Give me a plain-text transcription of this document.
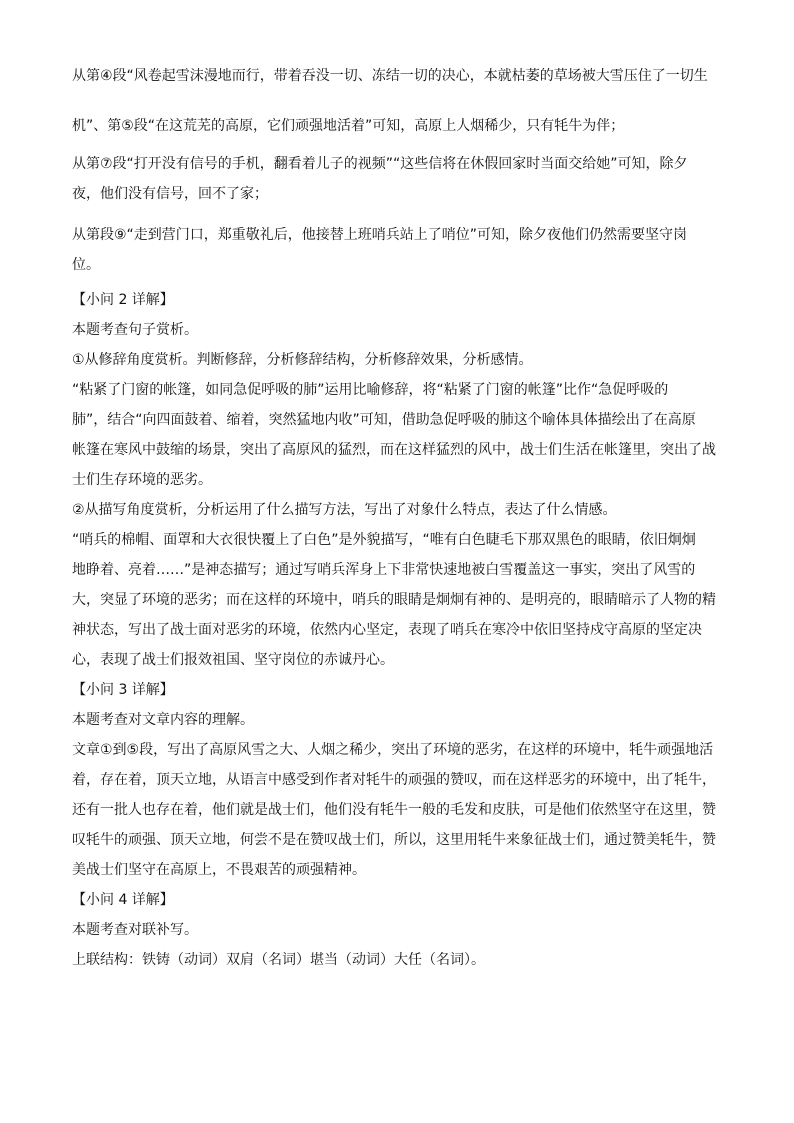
从第④段“风卷起雪沫漫地而行，带着吞没一切、冻结一切的决心，本就枯萎的草场被大雪压住了一切生

机”、第⑤段“在这荒芜的高原，它们顽强地活着”可知，高原上人烟稀少，只有牦牛为伴；

从第⑦段“打开没有信号的手机，翻看着儿子的视频”“这些信将在休假回家时当面交给她”可知，除夕

夜，他们没有信号，回不了家；

从第段⑨“走到营门口，郑重敬礼后，他接替上班哨兵站上了哨位”可知，除夕夜他们仍然需要坚守岗

位。

【小问 2 详解】

本题考查句子赏析。

①从修辞角度赏析。判断修辞，分析修辞结构，分析修辞效果，分析感情。

“粘紧了门窗的帐篷，如同急促呼吸的肺”运用比喻修辞，将“粘紧了门窗的帐篷”比作“急促呼吸的

肺”，结合“向四面鼓着、缩着，突然猛地内收”可知，借助急促呼吸的肺这个喻体具体描绘出了在高原

帐篷在寒风中鼓缩的场景，突出了高原风的猛烈，而在这样猛烈的风中，战士们生活在帐篷里，突出了战

士们生存环境的恶劣。

②从描写角度赏析，分析运用了什么描写方法，写出了对象什么特点，表达了什么情感。

“哨兵的棉帽、面罩和大衣很快覆上了白色”是外貌描写，“唯有白色睫毛下那双黑色的眼睛，依旧炯炯

地睁着、亮着……”是神态描写；通过写哨兵浑身上下非常快速地被白雪覆盖这一事实，突出了风雪的

大，突显了环境的恶劣；而在这样的环境中，哨兵的眼睛是炯炯有神的、是明亮的，眼睛暗示了人物的精

神状态，写出了战士面对恶劣的环境，依然内心坚定，表现了哨兵在寒冷中依旧坚持戍守高原的坚定决

心，表现了战士们报效祖国、坚守岗位的赤诚丹心。

【小问 3 详解】

本题考查对文章内容的理解。

文章①到⑤段，写出了高原风雪之大、人烟之稀少，突出了环境的恶劣，在这样的环境中，牦牛顽强地活

着，存在着，顶天立地，从语言中感受到作者对牦牛的顽强的赞叹，而在这样恶劣的环境中，出了牦牛，

还有一批人也存在着，他们就是战士们，他们没有牦牛一般的毛发和皮肤，可是他们依然坚守在这里，赞

叹牦牛的顽强、顶天立地，何尝不是在赞叹战士们，所以，这里用牦牛来象征战士们，通过赞美牦牛，赞

美战士们坚守在高原上，不畏艰苦的顽强精神。

【小问 4 详解】

本题考查对联补写。

上联结构：铁铸（动词）双肩（名词）堪当（动词）大任（名词）。
